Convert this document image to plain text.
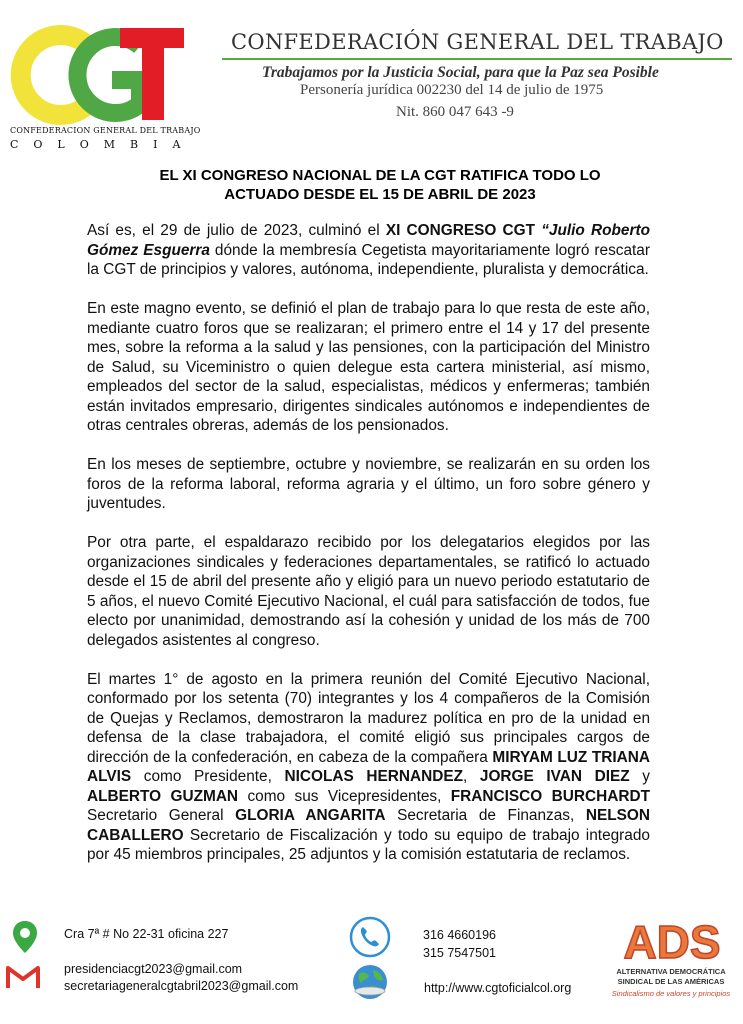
CONFEDERACION GENERAL DEL TRABAJO
COLOMBIA
CONFEDERACIÓN GENERAL DEL TRABAJO
Trabajamos por la Justicia Social, para que la Paz sea Posible
Personería jurídica 002230 del 14 de julio de 1975
Nit. 860 047 643 -9
EL XI CONGRESO NACIONAL DE LA CGT RATIFICA TODO LO
ACTUADO DESDE EL 15 DE ABRIL DE 2023

Así es, el 29 de julio de 2023, culminó el XI CONGRESO CGT “Julio Roberto Gómez Esguerra dónde la membresía Cegetista mayoritariamente logró rescatar la CGT de principios y valores, autónoma, independiente, pluralista y democrática.

En este magno evento, se definió el plan de trabajo para lo que resta de este año, mediante cuatro foros que se realizaran; el primero entre el 14 y 17 del presente mes, sobre la reforma a la salud y las pensiones, con la participación del Ministro de Salud, su Viceministro o quien delegue esta cartera ministerial, así mismo, empleados del sector de la salud, especialistas, médicos y enfermeras; también están invitados empresario, dirigentes sindicales autónomos e independientes de otras centrales obreras, además de los pensionados.

En los meses de septiembre, octubre y noviembre, se realizarán en su orden los foros de la reforma laboral, reforma agraria y el último, un foro sobre género y juventudes.

Por otra parte, el espaldarazo recibido por los delegatarios elegidos por las organizaciones sindicales y federaciones departamentales, se ratificó lo actuado desde el 15 de abril del presente año y eligió para un nuevo periodo estatutario de 5 años, el nuevo Comité Ejecutivo Nacional, el cuál para satisfacción de todos, fue electo por unanimidad, demostrando así la cohesión y unidad de los más de 700 delegados asistentes al congreso.

El martes 1° de agosto en la primera reunión del Comité Ejecutivo Nacional, conformado por los setenta (70) integrantes y los 4 compañeros de la Comisión de Quejas y Reclamos, demostraron la madurez política en pro de la unidad en defensa de la clase trabajadora, el comité eligió sus principales cargos de dirección de la confederación, en cabeza de la compañera MIRYAM LUZ TRIANA ALVIS como Presidente, NICOLAS HERNANDEZ, JORGE IVAN DIEZ y ALBERTO GUZMAN como sus Vicepresidentes, FRANCISCO BURCHARDT Secretario General GLORIA ANGARITA Secretaria de Finanzas, NELSON CABALLERO Secretario de Fiscalización y todo su equipo de trabajo integrado por 45 miembros principales, 25 adjuntos y la comisión estatutaria de reclamos.

Cra 7ª # No 22-31 oficina 227
presidenciacgt2023@gmail.com
secretariageneralcgtabril2023@gmail.com
316 4660196
315 7547501
http://www.cgtoficialcol.org
ADS
ALTERNATIVA DEMOCRÁTICA
SINDICAL DE LAS AMÉRICAS
Sindicalismo de valores y principios
